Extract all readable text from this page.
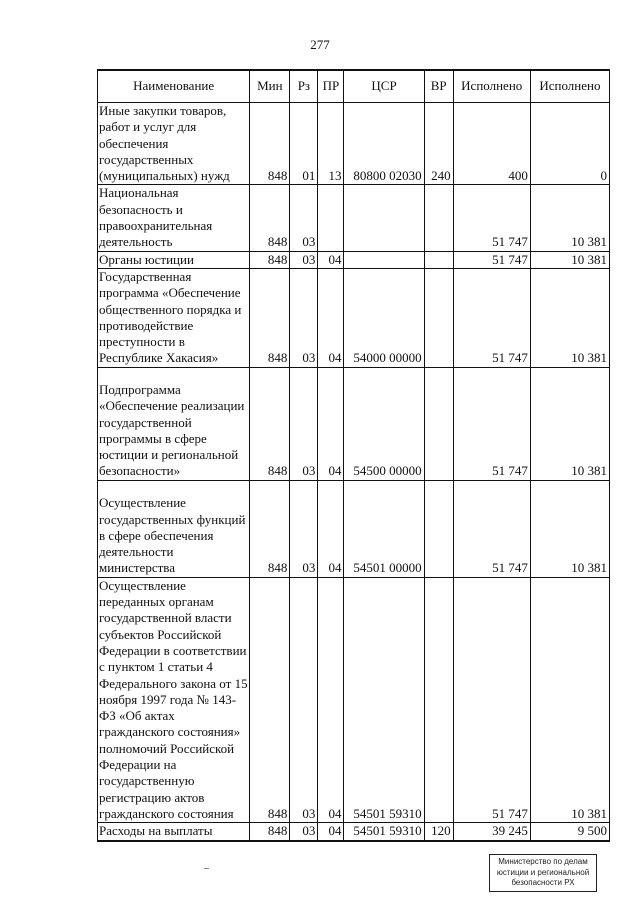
277
Наименование	Мин	Рз	ПР	ЦСР	ВР	Исполнено	Исполнено
Иные закупки товаров, работ и услуг для обеспечения государственных (муниципальных) нужд	848	01	13	80800 02030	240	400	0
Национальная безопасность и правоохранительная деятельность	848	03				51 747	10 381
Органы юстиции	848	03	04			51 747	10 381
Государственная программа «Обеспечение общественного порядка и противодействие преступности в Республике Хакасия»	848	03	04	54000 00000		51 747	10 381
Подпрограмма «Обеспечение реализации государственной программы в сфере юстиции и региональной безопасности»	848	03	04	54500 00000		51 747	10 381
Осуществление государственных функций в сфере обеспечения деятельности министерства	848	03	04	54501 00000		51 747	10 381
Осуществление переданных органам государственной власти субъектов Российской Федерации в соответствии с пунктом 1 статьи 4 Федерального закона от 15 ноября 1997 года № 143-ФЗ «Об актах гражданского состояния» полномочий Российской Федерации на государственную регистрацию актов гражданского состояния	848	03	04	54501 59310		51 747	10 381
Расходы на выплаты	848	03	04	54501 59310	120	39 245	9 500
Министерство по делам
юстиции и региональной
безопасности РХ
